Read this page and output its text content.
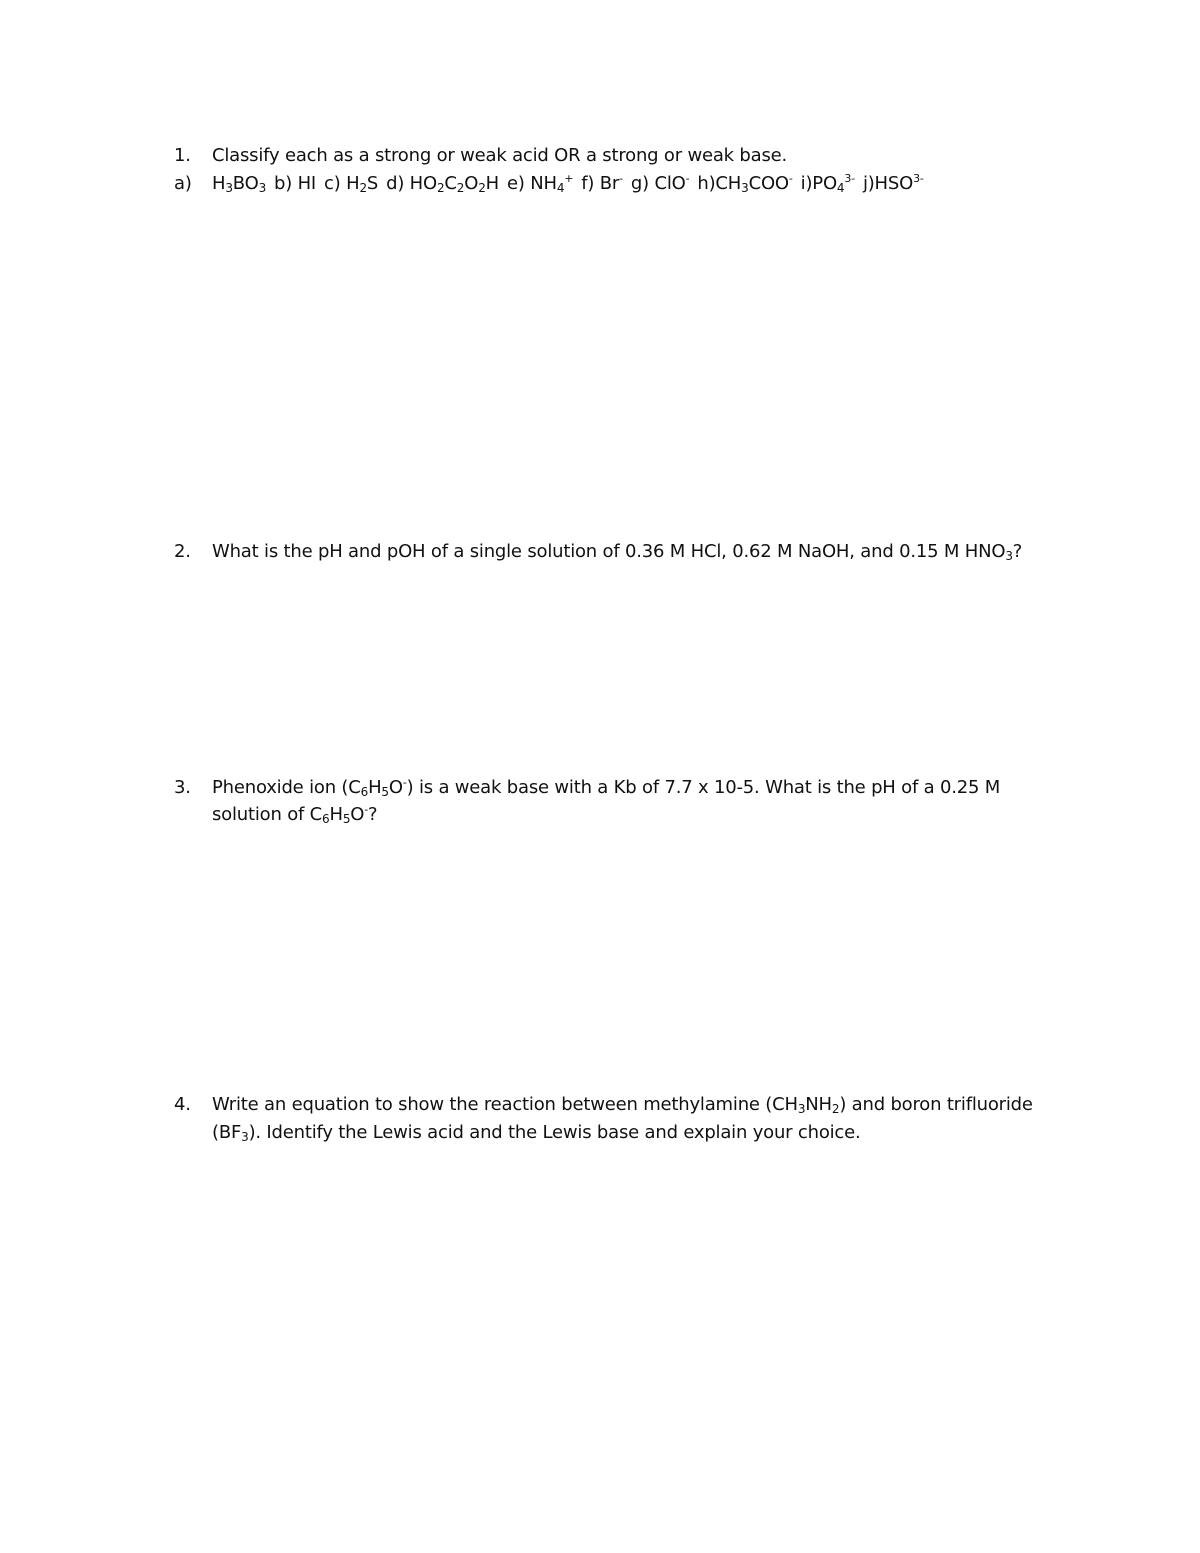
1.	Classify each as a strong or weak acid OR a strong or weak base.
a) $H_3BO_3$ b) HI c) $H_2S$ d) $HO_2C_2O_2H$ e) $NH_4^+$ f) Br- g) ClO- $h)CH_3COO^-$ $i)PO_4^{3-}$ $j)HSO^{3-}$
2.	What is the pH and pOH of a single solution of 0.36 M HCl, 0.62 M NaOH, and 0.15 M $HNO_3$?
3.	Phenoxide ion $(C_6H_5O^-)$ is a weak base with a Kb of 7.7 x 10-5. What is the pH of a 0.25 M
solution of $C_6H_5O^-$?
4.	Write an equation to show the reaction between methylamine $(CH_3NH_2)$ and boron trifluoride
$(BF_3)$. Identify the Lewis acid and the Lewis base and explain your choice.
